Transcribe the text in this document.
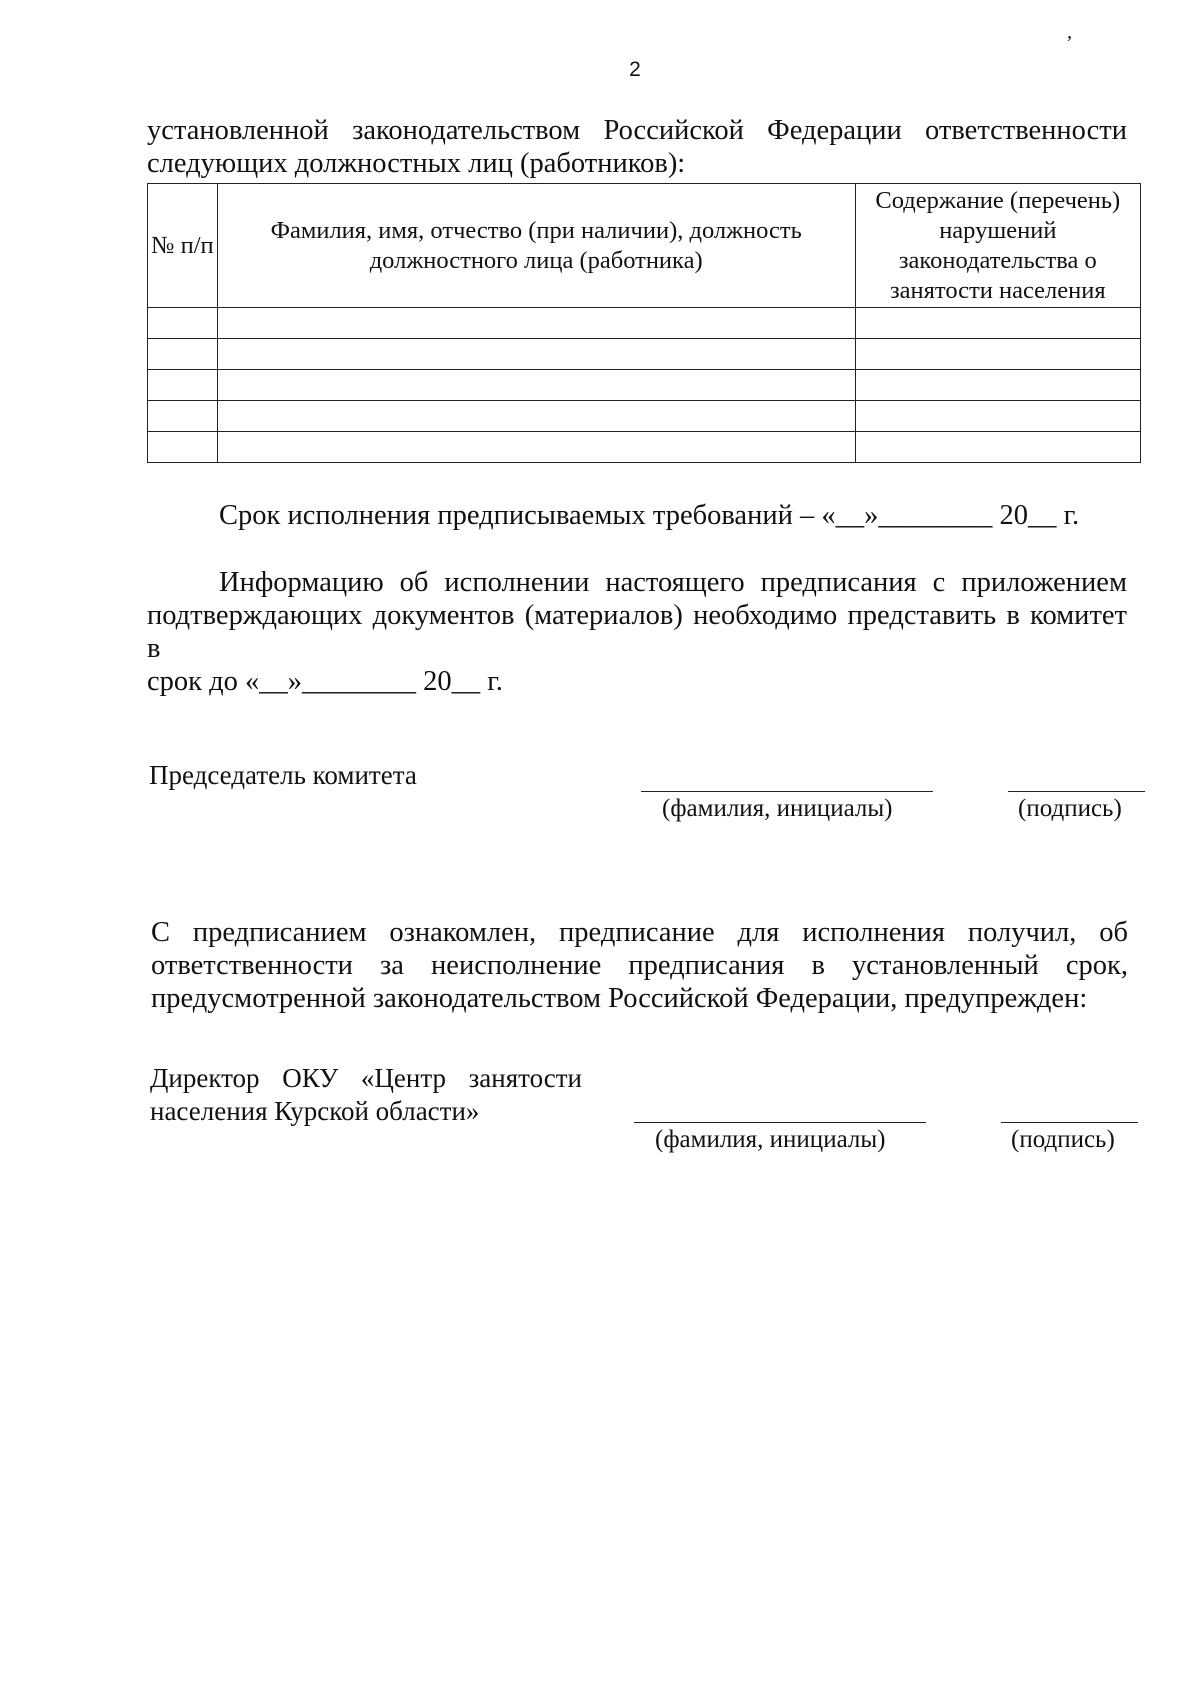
2
’
установленной законодательством Российской Федерации ответственности
следующих должностных лиц (работников):
№ п/п	Фамилия, имя, отчество (при наличии), должность должностного лица (работника)	Содержание (перечень) нарушений законодательства о занятости населения

Срок исполнения предписываемых требований – «__»________ 20__ г.
Информацию об исполнении настоящего предписания с приложением
подтверждающих документов (материалов) необходимо представить в комитет в
срок до «__»________ 20__ г.
Председатель комитета
(фамилия, инициалы)	(подпись)
С предписанием ознакомлен, предписание для исполнения получил, об
ответственности за неисполнение предписания в установленный срок,
предусмотренной законодательством Российской Федерации, предупрежден:
Директор ОКУ «Центр занятости
населения Курской области»
(фамилия, инициалы)	(подпись)
